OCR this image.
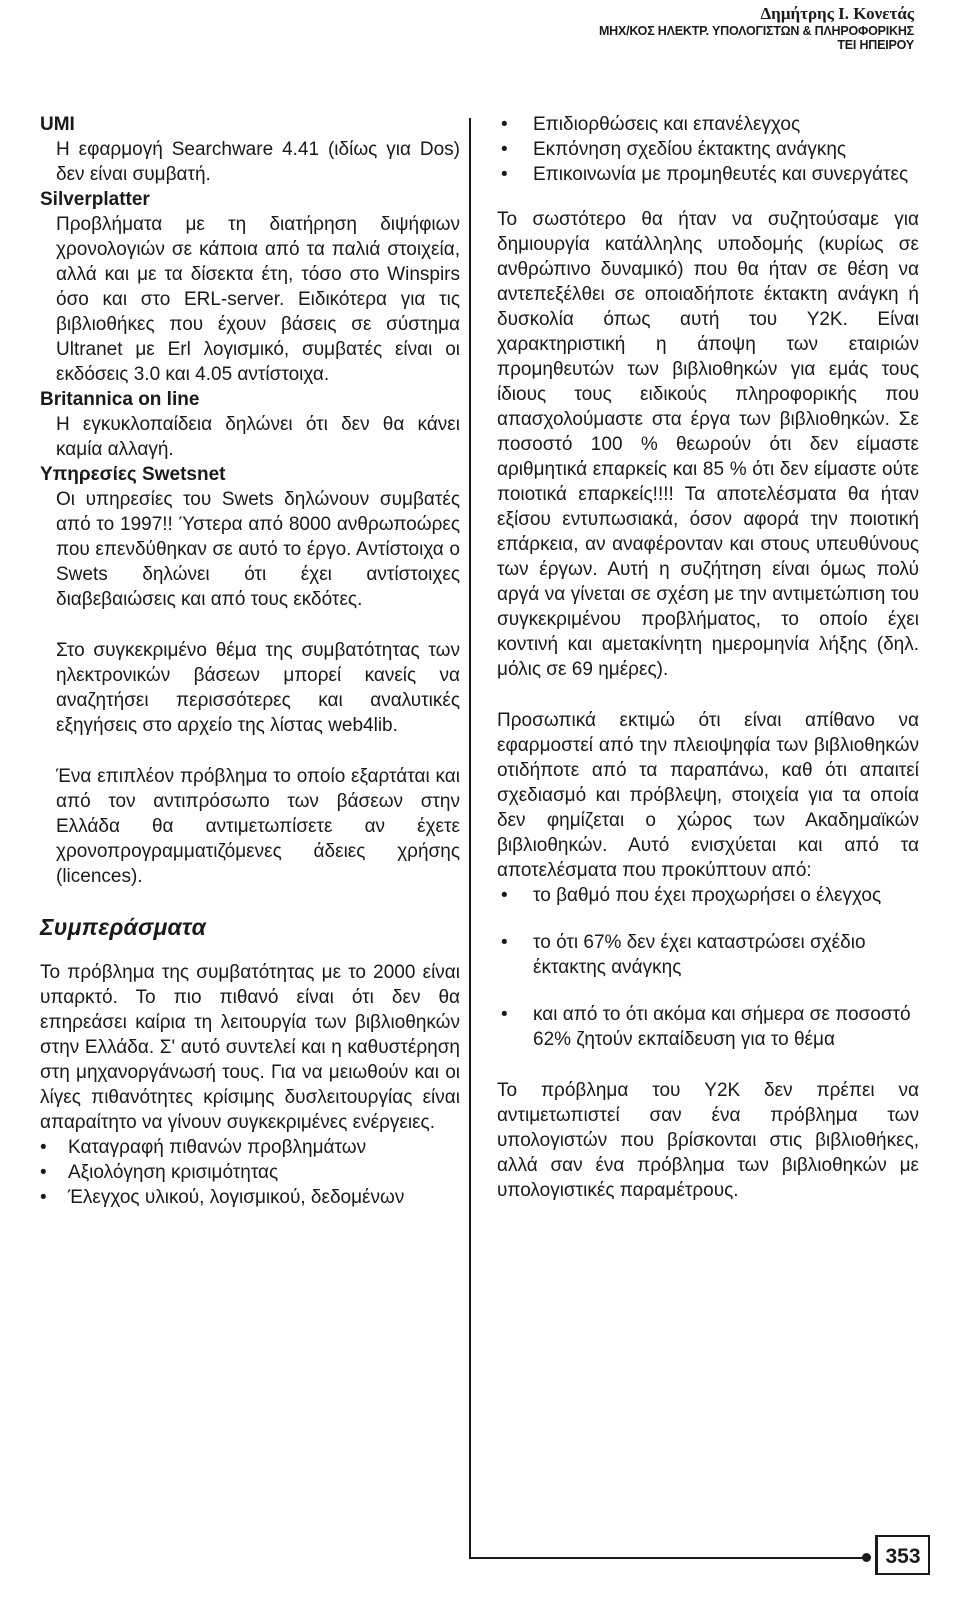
Δημήτρης Ι. Κονετάς
ΜΗΧ/ΚΟΣ ΗΛΕΚΤΡ. ΥΠΟΛΟΓΙΣΤΩΝ & ΠΛΗΡΟΦΟΡΙΚΗΣ
ΤΕΙ ΗΠΕΙΡΟΥ

UMI

Η εφαρμογή Searchware 4.41 (ιδίως για Dos) δεν είναι συμβατή.

Silverplatter

Προβλήματα με τη διατήρηση διψήφιων χρονολογιών σε κάποια από τα παλιά στοιχεία, αλλά και με τα δίσεκτα έτη, τόσο στο Winspirs όσο και στο ERL-server. Ειδικότερα για τις βιβλιοθήκες που έχουν βάσεις σε σύστημα Ultranet με Erl λογισμικό, συμβατές είναι οι εκδόσεις 3.0 και 4.05 αντίστοιχα.

Britannica on line

Η εγκυκλοπαίδεια δηλώνει ότι δεν θα κάνει καμία αλλαγή.

Υπηρεσίες Swetsnet

Οι υπηρεσίες του Swets δηλώνουν συμβατές από το 1997!! Ύστερα από 8000 ανθρωποώρες που επενδύθηκαν σε αυτό το έργο. Αντίστοιχα ο Swets δηλώνει ότι έχει αντίστοιχες διαβεβαιώσεις και από τους εκδότες.

Στο συγκεκριμένο θέμα της συμβατότητας των ηλεκτρονικών βάσεων μπορεί κανείς να αναζητήσει περισσότερες και αναλυτικές εξηγήσεις στο αρχείο της λίστας web4lib.

Ένα επιπλέον πρόβλημα το οποίο εξαρτάται και από τον αντιπρόσωπο των βάσεων στην Ελλάδα θα αντιμετωπίσετε αν έχετε χρονοπρογραμματιζόμενες άδειες χρήσης (licences).

Συμπεράσματα

Το πρόβλημα της συμβατότητας με το 2000 είναι υπαρκτό. Το πιο πιθανό είναι ότι δεν θα επηρεάσει καίρια τη λειτουργία των βιβλιοθηκών στην Ελλάδα. Σ' αυτό συντελεί και η καθυστέρηση στη μηχανοργάνωσή τους. Για να μειωθούν και οι λίγες πιθανότητες κρίσιμης δυσλειτουργίας είναι απαραίτητο να γίνουν συγκεκριμένες ενέργειες.

• Καταγραφή πιθανών προβλημάτων
• Αξιολόγηση κρισιμότητας
• Έλεγχος υλικού, λογισμικού, δεδομένων
• Επιδιορθώσεις και επανέλεγχος
• Εκπόνηση σχεδίου έκτακτης ανάγκης
• Επικοινωνία με προμηθευτές και συνεργάτες

Το σωστότερο θα ήταν να συζητούσαμε για δημιουργία κατάλληλης υποδομής (κυρίως σε ανθρώπινο δυναμικό) που θα ήταν σε θέση να αντεπεξέλθει σε οποιαδήποτε έκτακτη ανάγκη ή δυσκολία όπως αυτή του Y2K. Είναι χαρακτηριστική η άποψη των εταιριών προμηθευτών των βιβλιοθηκών για εμάς τους ίδιους τους ειδικούς πληροφορικής που απασχολούμαστε στα έργα των βιβλιοθηκών. Σε ποσοστό 100 % θεωρούν ότι δεν είμαστε αριθμητικά επαρκείς και 85 % ότι δεν είμαστε ούτε ποιοτικά επαρκείς!!!! Τα αποτελέσματα θα ήταν εξίσου εντυπωσιακά, όσον αφορά την ποιοτική επάρκεια, αν αναφέρονταν και στους υπευθύνους των έργων. Αυτή η συζήτηση είναι όμως πολύ αργά να γίνεται σε σχέση με την αντιμετώπιση του συγκεκριμένου προβλήματος, το οποίο έχει κοντινή και αμετακίνητη ημερομηνία λήξης (δηλ. μόλις σε 69 ημέρες).

Προσωπικά εκτιμώ ότι είναι απίθανο να εφαρμοστεί από την πλειοψηφία των βιβλιοθηκών οτιδήποτε από τα παραπάνω, καθ ότι απαιτεί σχεδιασμό και πρόβλεψη, στοιχεία για τα οποία δεν φημίζεται ο χώρος των Ακαδημαϊκών βιβλιοθηκών. Αυτό ενισχύεται και από τα αποτελέσματα που προκύπτουν από:

• το βαθμό που έχει προχωρήσει ο έλεγχος
• το ότι 67% δεν έχει καταστρώσει σχέδιο έκτακτης ανάγκης
• και από το ότι ακόμα και σήμερα σε ποσοστό 62% ζητούν εκπαίδευση για το θέμα

Το πρόβλημα του Y2K δεν πρέπει να αντιμετωπιστεί σαν ένα πρόβλημα των υπολογιστών που βρίσκονται στις βιβλιοθήκες, αλλά σαν ένα πρόβλημα των βιβλιοθηκών με υπολογιστικές παραμέτρους.

353
